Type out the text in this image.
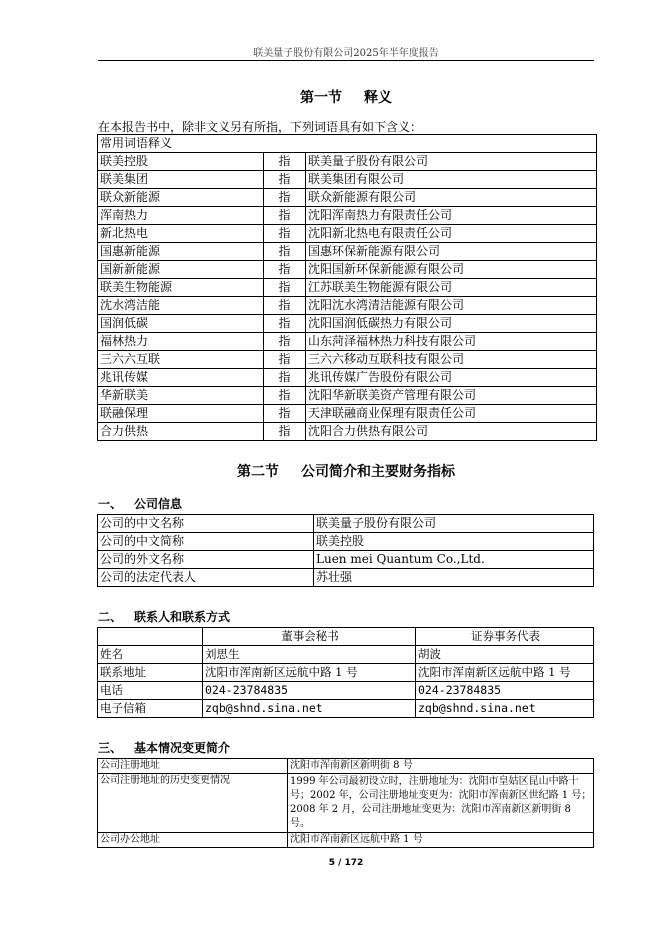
联美量子股份有限公司2025年半年度报告
第一节 释义
在本报告书中，除非文义另有所指，下列词语具有如下含义：
常用词语释义		
联美控股	指	联美量子股份有限公司
联美集团	指	联美集团有限公司
联众新能源	指	联众新能源有限公司
浑南热力	指	沈阳浑南热力有限责任公司
新北热电	指	沈阳新北热电有限责任公司
国惠新能源	指	国惠环保新能源有限公司
国新新能源	指	沈阳国新环保新能源有限公司
联美生物能源	指	江苏联美生物能源有限公司
沈水湾洁能	指	沈阳沈水湾清洁能源有限公司
国润低碳	指	沈阳国润低碳热力有限公司
福林热力	指	山东菏泽福林热力科技有限公司
三六六互联	指	三六六移动互联科技有限公司
兆讯传媒	指	兆讯传媒广告股份有限公司
华新联美	指	沈阳华新联美资产管理有限公司
联融保理	指	天津联融商业保理有限责任公司
合力供热	指	沈阳合力供热有限公司
第二节 公司简介和主要财务指标
一、 公司信息
公司的中文名称	联美量子股份有限公司
公司的中文简称	联美控股
公司的外文名称	Luen mei Quantum Co.,Ltd.
公司的法定代表人	苏壮强
二、 联系人和联系方式
	董事会秘书	证券事务代表
姓名	刘思生	胡波
联系地址	沈阳市浑南新区远航中路 1 号	沈阳市浑南新区远航中路 1 号
电话	024-23784835	024-23784835
电子信箱	zqb@shnd.sina.net	zqb@shnd.sina.net
三、 基本情况变更简介
公司注册地址	沈阳市浑南新区新明街 8 号
公司注册地址的历史变更情况	1999 年公司最初设立时，注册地址为：沈阳市皇姑区昆山中路十号；2002 年，公司注册地址变更为：沈阳市浑南新区世纪路 1 号；2008 年 2 月，公司注册地址变更为：沈阳市浑南新区新明街 8 号。
公司办公地址	沈阳市浑南新区远航中路 1 号
5 / 172
